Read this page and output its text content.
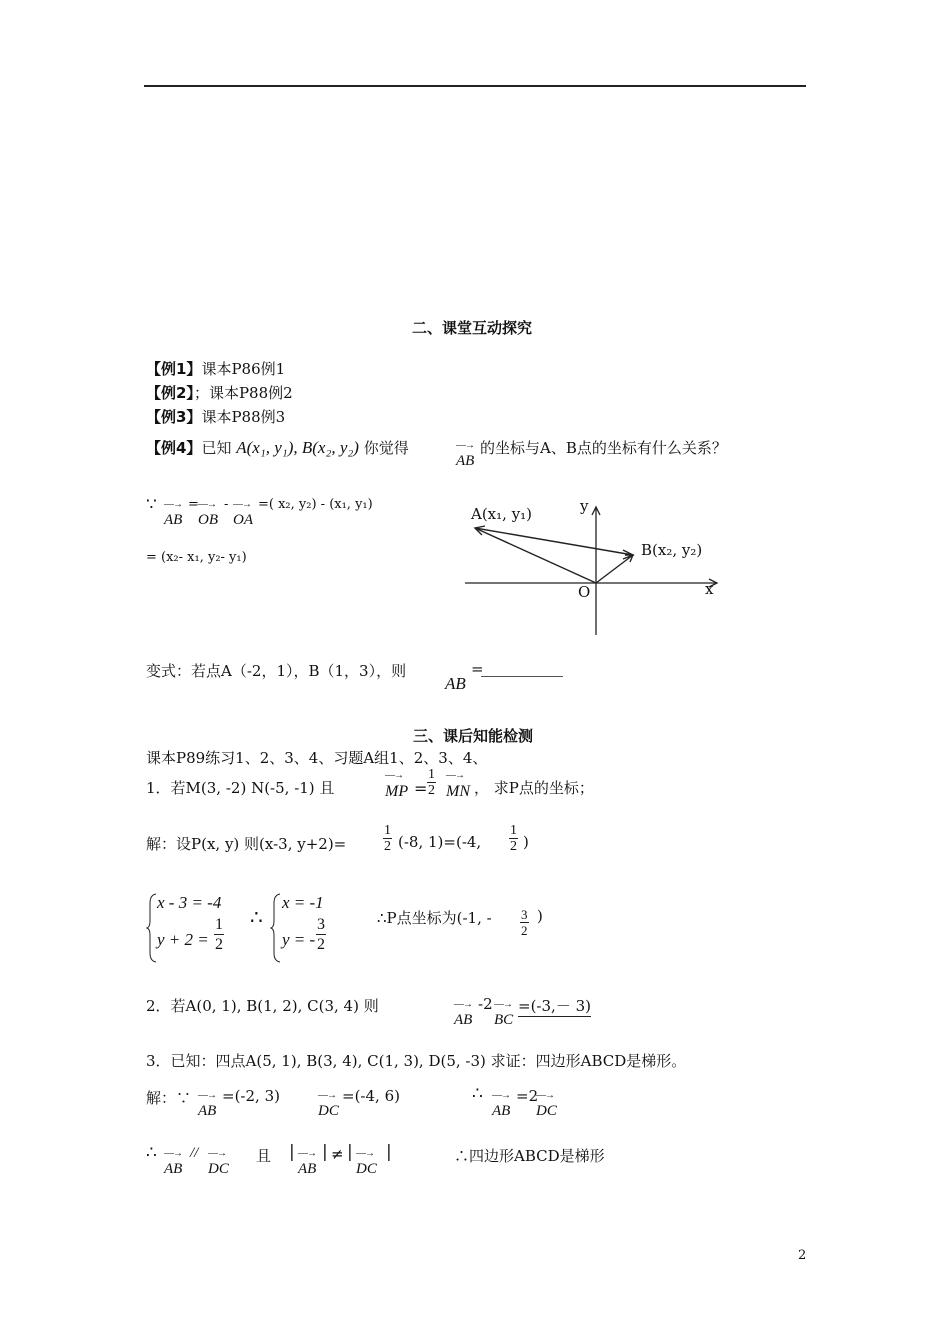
二、课堂互动探究
【例1】课本P86例1
【例2】；课本P88例2
【例3】课本P88例3
【例4】已知 A(x₁, y₁), B(x₂, y₂) 你觉得	—→
AB
的坐标与A、B点的坐标有什么关系？
∵ —→
AB
= —→
OB
- —→
OA
=( x₂, y₂) - (x₁, y₁)
= (x₂- x₁, y₂- y₁)
A(x₁, y₁)
B(x₂, y₂)
O	x
y
变式：若点A（-2，1），B（1，3），则
AB
=
三、课后知能检测
课本P89练习1、2、3、4、习题A组1、2、3、4、
1．若M(3, -2) N(-5, -1) 且
—→
MP = $\frac{1}{2}$ —→
MN ， 求P点的坐标；
解：设P(x, y) 则(x-3, y+2)=	$\frac{1}{2} (-8$, 1)=(-4, $\frac{1}{2}$ )
x - 3 = -4
$y + 2 = \frac{1}{2}$ ∴
x = -1
y = - $\frac{3}{2}$	∴P点坐标为(-1, - $\frac{3}{2}$ )
2．若A(0, 1), B(1, 2), C(3, 4) 则	—→
AB
-2 —→
BC
=(-3,－ 3)
3．已知：四点A(5, 1), B(3, 4), C(1, 3), D(5, -3) 求证：四边形ABCD是梯形。
解：∵ —→
AB
=(-2, 3)	—→
DC
=(-4, 6)	∴ —→
AB
=2
—→
DC
∴ —→
AB
// —→
DC
且 | —→
AB
| ≠ | —→
DC
|	∴四边形ABCD是梯形
2
